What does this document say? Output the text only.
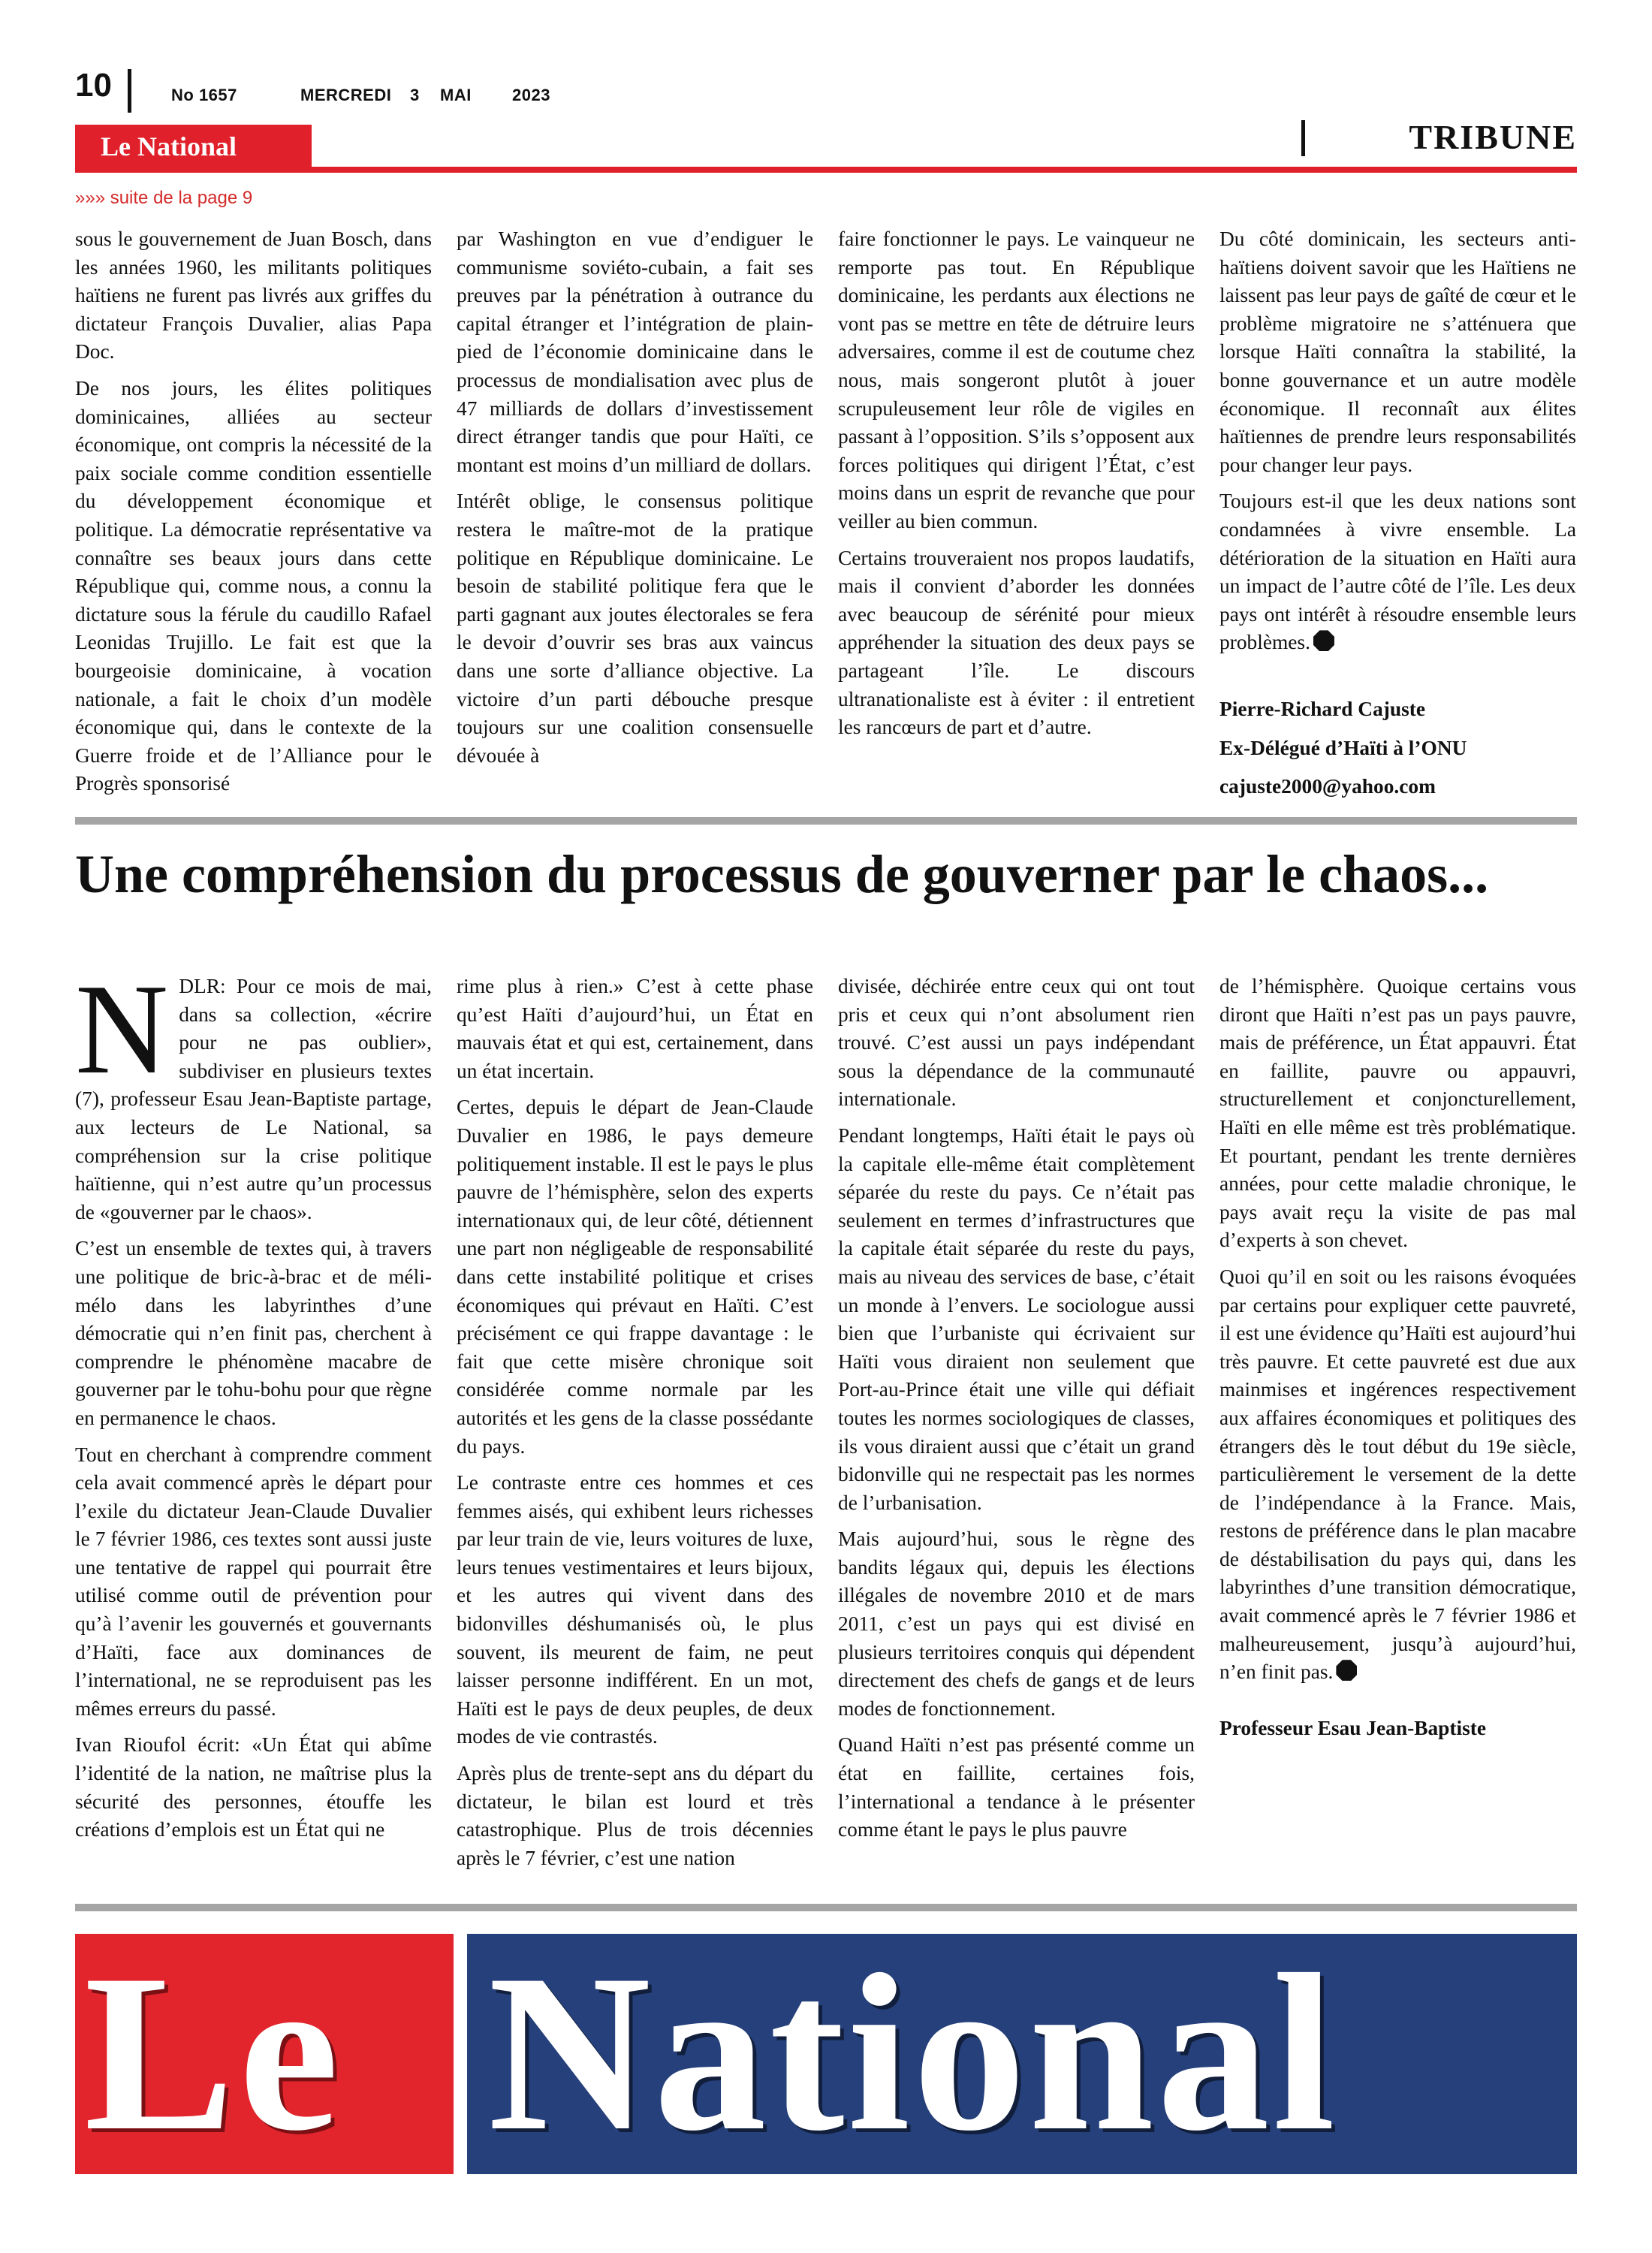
10	No 1657	MERCREDI 3 MAI 2023
Le National	TRIBUNE
»»» suite de la page 9

sous le gouvernement de Juan Bosch, dans les années 1960, les militants politiques haïtiens ne furent pas livrés aux griffes du dictateur François Duvalier, alias Papa Doc.

De nos jours, les élites politiques dominicaines, alliées au secteur économique, ont compris la nécessité de la paix sociale comme condition essentielle du développement économique et politique. La démocratie représentative va connaître ses beaux jours dans cette République qui, comme nous, a connu la dictature sous la férule du caudillo Rafael Leonidas Trujillo. Le fait est que la bourgeoisie dominicaine, à vocation nationale, a fait le choix d’un modèle économique qui, dans le contexte de la Guerre froide et de l’Alliance pour le Progrès sponsorisé

par Washington en vue d’endiguer le communisme soviéto-cubain, a fait ses preuves par la pénétration à outrance du capital étranger et l’intégration de plain-pied de l’économie dominicaine dans le processus de mondialisation avec plus de 47 milliards de dollars d’investissement direct étranger tandis que pour Haïti, ce montant est moins d’un milliard de dollars.

Intérêt oblige, le consensus politique restera le maître-mot de la pratique politique en République dominicaine. Le besoin de stabilité politique fera que le parti gagnant aux joutes électorales se fera le devoir d’ouvrir ses bras aux vaincus dans une sorte d’alliance objective. La victoire d’un parti débouche presque toujours sur une coalition consensuelle dévouée à

faire fonctionner le pays. Le vainqueur ne remporte pas tout. En République dominicaine, les perdants aux élections ne vont pas se mettre en tête de détruire leurs adversaires, comme il est de coutume chez nous, mais songeront plutôt à jouer scrupuleusement leur rôle de vigiles en passant à l’opposition. S’ils s’opposent aux forces politiques qui dirigent l’État, c’est moins dans un esprit de revanche que pour veiller au bien commun.

Certains trouveraient nos propos laudatifs, mais il convient d’aborder les données avec beaucoup de sérénité pour mieux appréhender la situation des deux pays se partageant l’île. Le discours ultranationaliste est à éviter : il entretient les rancœurs de part et d’autre.

Du côté dominicain, les secteurs anti-haïtiens doivent savoir que les Haïtiens ne laissent pas leur pays de gaîté de cœur et le problème migratoire ne s’atténuera que lorsque Haïti connaîtra la stabilité, la bonne gouvernance et un autre modèle économique. Il reconnaît aux élites haïtiennes de prendre leurs responsabilités pour changer leur pays.

Toujours est-il que les deux nations sont condamnées à vivre ensemble. La détérioration de la situation en Haïti aura un impact de l’autre côté de l’île. Les deux pays ont intérêt à résoudre ensemble leurs problèmes.

Pierre-Richard Cajuste

Ex-Délégué d’Haïti à l’ONU

cajuste2000@yahoo.com

Une compréhension du processus de gouverner par le chaos...

NDLR: Pour ce mois de mai, dans sa collection, «écrire pour ne pas oublier», subdiviser en plusieurs textes (7), professeur Esau Jean-Baptiste partage, aux lecteurs de Le National, sa compréhension sur la crise politique haïtienne, qui n’est autre qu’un processus de «gouverner par le chaos».

C’est un ensemble de textes qui, à travers une politique de bric-à-brac et de méli-mélo dans les labyrinthes d’une démocratie qui n’en finit pas, cherchent à comprendre le phénomène macabre de gouverner par le tohu-bohu pour que règne en permanence le chaos.

Tout en cherchant à comprendre comment cela avait commencé après le départ pour l’exile du dictateur Jean-Claude Duvalier le 7 février 1986, ces textes sont aussi juste une tentative de rappel qui pourrait être utilisé comme outil de prévention pour qu’à l’avenir les gouvernés et gouvernants d’Haïti, face aux dominances de l’international, ne se reproduisent pas les mêmes erreurs du passé.

Ivan Rioufol écrit: «Un État qui abîme l’identité de la nation, ne maîtrise plus la sécurité des personnes, étouffe les créations d’emplois est un État qui ne

rime plus à rien.» C’est à cette phase qu’est Haïti d’aujourd’hui, un État en mauvais état et qui est, certainement, dans un état incertain.

Certes, depuis le départ de Jean-Claude Duvalier en 1986, le pays demeure politiquement instable. Il est le pays le plus pauvre de l’hémisphère, selon des experts internationaux qui, de leur côté, détiennent une part non négligeable de responsabilité dans cette instabilité politique et crises économiques qui prévaut en Haïti. C’est précisément ce qui frappe davantage : le fait que cette misère chronique soit considérée comme normale par les autorités et les gens de la classe possédante du pays.

Le contraste entre ces hommes et ces femmes aisés, qui exhibent leurs richesses par leur train de vie, leurs voitures de luxe, leurs tenues vestimentaires et leurs bijoux, et les autres qui vivent dans des bidonvilles déshumanisés où, le plus souvent, ils meurent de faim, ne peut laisser personne indifférent. En un mot, Haïti est le pays de deux peuples, de deux modes de vie contrastés.

Après plus de trente-sept ans du départ du dictateur, le bilan est lourd et très catastrophique. Plus de trois décennies après le 7 février, c’est une nation

divisée, déchirée entre ceux qui ont tout pris et ceux qui n’ont absolument rien trouvé. C’est aussi un pays indépendant sous la dépendance de la communauté internationale.

Pendant longtemps, Haïti était le pays où la capitale elle-même était complètement séparée du reste du pays. Ce n’était pas seulement en termes d’infrastructures que la capitale était séparée du reste du pays, mais au niveau des services de base, c’était un monde à l’envers. Le sociologue aussi bien que l’urbaniste qui écrivaient sur Haïti vous diraient non seulement que Port-au-Prince était une ville qui défiait toutes les normes sociologiques de classes, ils vous diraient aussi que c’était un grand bidonville qui ne respectait pas les normes de l’urbanisation.

Mais aujourd’hui, sous le règne des bandits légaux qui, depuis les élections illégales de novembre 2010 et de mars 2011, c’est un pays qui est divisé en plusieurs territoires conquis qui dépendent directement des chefs de gangs et de leurs modes de fonctionnement.

Quand Haïti n’est pas présenté comme un état en faillite, certaines fois, l’international a tendance à le présenter comme étant le pays le plus pauvre

de l’hémisphère. Quoique certains vous diront que Haïti n’est pas un pays pauvre, mais de préférence, un État appauvri. État en faillite, pauvre ou appauvri, structurellement et conjoncturellement, Haïti en elle même est très problématique. Et pourtant, pendant les trente dernières années, pour cette maladie chronique, le pays avait reçu la visite de pas mal d’experts à son chevet.

Quoi qu’il en soit ou les raisons évoquées par certains pour expliquer cette pauvreté, il est une évidence qu’Haïti est aujourd’hui très pauvre. Et cette pauvreté est due aux mainmises et ingérences respectivement aux affaires économiques et politiques des étrangers dès le tout début du 19e siècle, particulièrement le versement de la dette de l’indépendance à la France. Mais, restons de préférence dans le plan macabre de déstabilisation du pays qui, dans les labyrinthes d’une transition démocratique, avait commencé après le 7 février 1986 et malheureusement, jusqu’à aujourd’hui, n’en finit pas.

Professeur Esau Jean-Baptiste

Le National
